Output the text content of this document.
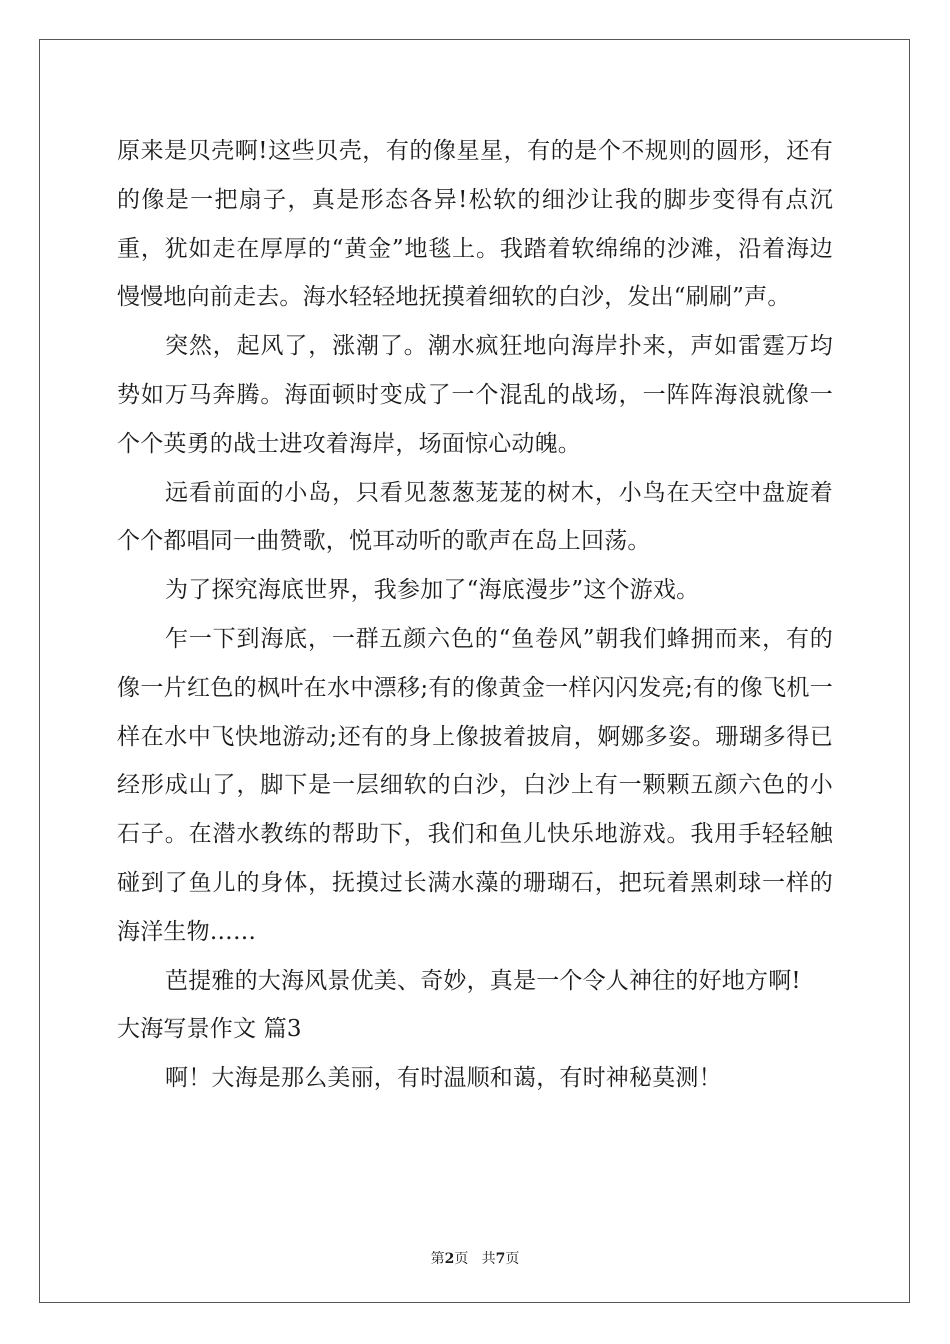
原来是贝壳啊!这些贝壳，有的像星星，有的是个不规则的圆形，还有的像是一把扇子，真是形态各异!松软的细沙让我的脚步变得有点沉重，犹如走在厚厚的“黄金”地毯上。我踏着软绵绵的沙滩，沿着海边慢慢地向前走去。海水轻轻地抚摸着细软的白沙，发出“刷刷”声。

突然，起风了，涨潮了。潮水疯狂地向海岸扑来，声如雷霆万均势如万马奔腾。海面顿时变成了一个混乱的战场，一阵阵海浪就像一个个英勇的战士进攻着海岸，场面惊心动魄。

远看前面的小岛，只看见葱葱茏茏的树木，小鸟在天空中盘旋着个个都唱同一曲赞歌，悦耳动听的歌声在岛上回荡。

为了探究海底世界，我参加了“海底漫步”这个游戏。

乍一下到海底，一群五颜六色的“鱼卷风”朝我们蜂拥而来，有的像一片红色的枫叶在水中漂移;有的像黄金一样闪闪发亮;有的像飞机一样在水中飞快地游动;还有的身上像披着披肩，婀娜多姿。珊瑚多得已经形成山了，脚下是一层细软的白沙，白沙上有一颗颗五颜六色的小石子。在潜水教练的帮助下，我们和鱼儿快乐地游戏。我用手轻轻触碰到了鱼儿的身体，抚摸过长满水藻的珊瑚石，把玩着黑刺球一样的海洋生物……

芭提雅的大海风景优美、奇妙，真是一个令人神往的好地方啊!

大海写景作文 篇3

啊！大海是那么美丽，有时温顺和蔼，有时神秘莫测！

第2页 共7页
